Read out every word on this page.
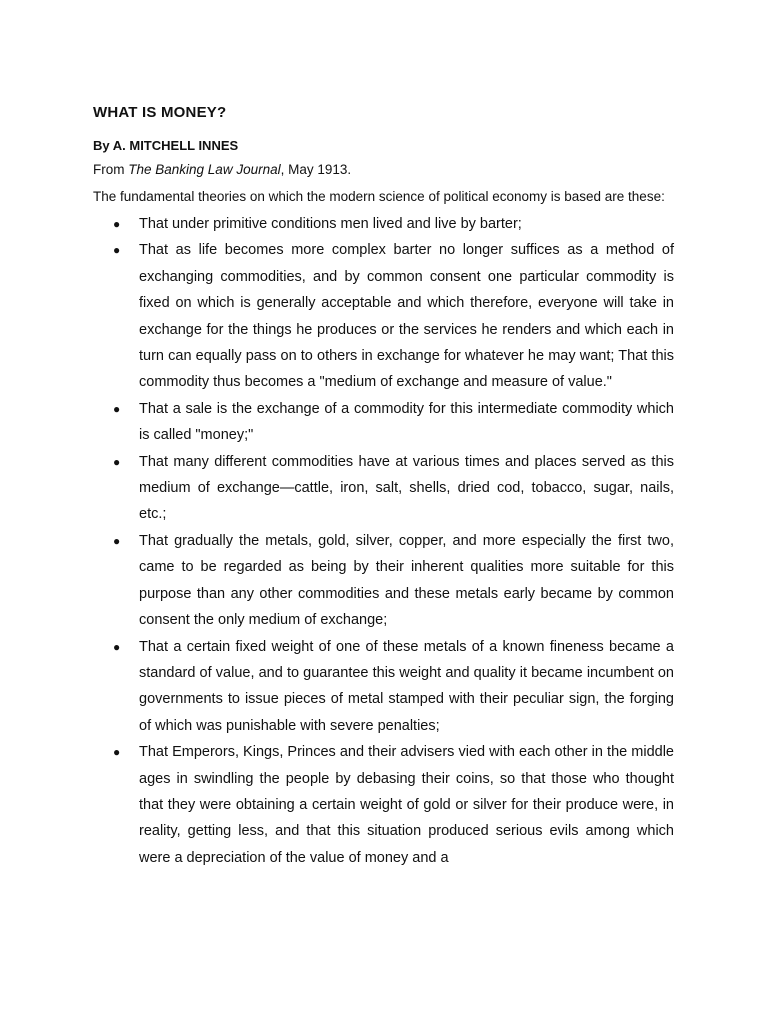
WHAT IS MONEY?

By A. MITCHELL INNES

From The Banking Law Journal, May 1913.

The fundamental theories on which the modern science of political economy is based are these:

● That under primitive conditions men lived and live by barter;
● That as life becomes more complex barter no longer suffices as a method of exchanging commodities, and by common consent one particular commodity is fixed on which is generally acceptable and which therefore, everyone will take in exchange for the things he produces or the services he renders and which each in turn can equally pass on to others in exchange for whatever he may want; That this commodity thus becomes a "medium of exchange and measure of value."
● That a sale is the exchange of a commodity for this intermediate commodity which is called "money;"
● That many different commodities have at various times and places served as this medium of exchange—cattle, iron, salt, shells, dried cod, tobacco, sugar, nails, etc.;
● That gradually the metals, gold, silver, copper, and more especially the first two, came to be regarded as being by their inherent qualities more suitable for this purpose than any other commodities and these metals early became by common consent the only medium of exchange;
● That a certain fixed weight of one of these metals of a known fineness became a standard of value, and to guarantee this weight and quality it became incumbent on governments to issue pieces of metal stamped with their peculiar sign, the forging of which was punishable with severe penalties;
● That Emperors, Kings, Princes and their advisers vied with each other in the middle ages in swindling the people by debasing their coins, so that those who thought that they were obtaining a certain weight of gold or silver for their produce were, in reality, getting less, and that this situation produced serious evils among which were a depreciation of the value of money and a
